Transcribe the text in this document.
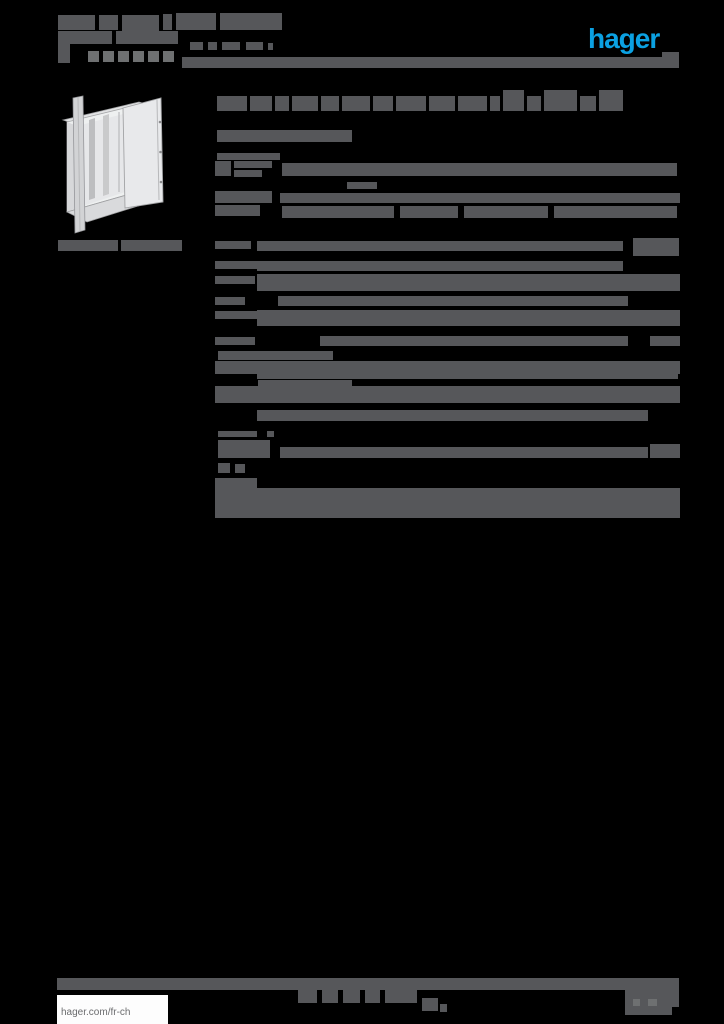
hager
hager.com/fr-ch
